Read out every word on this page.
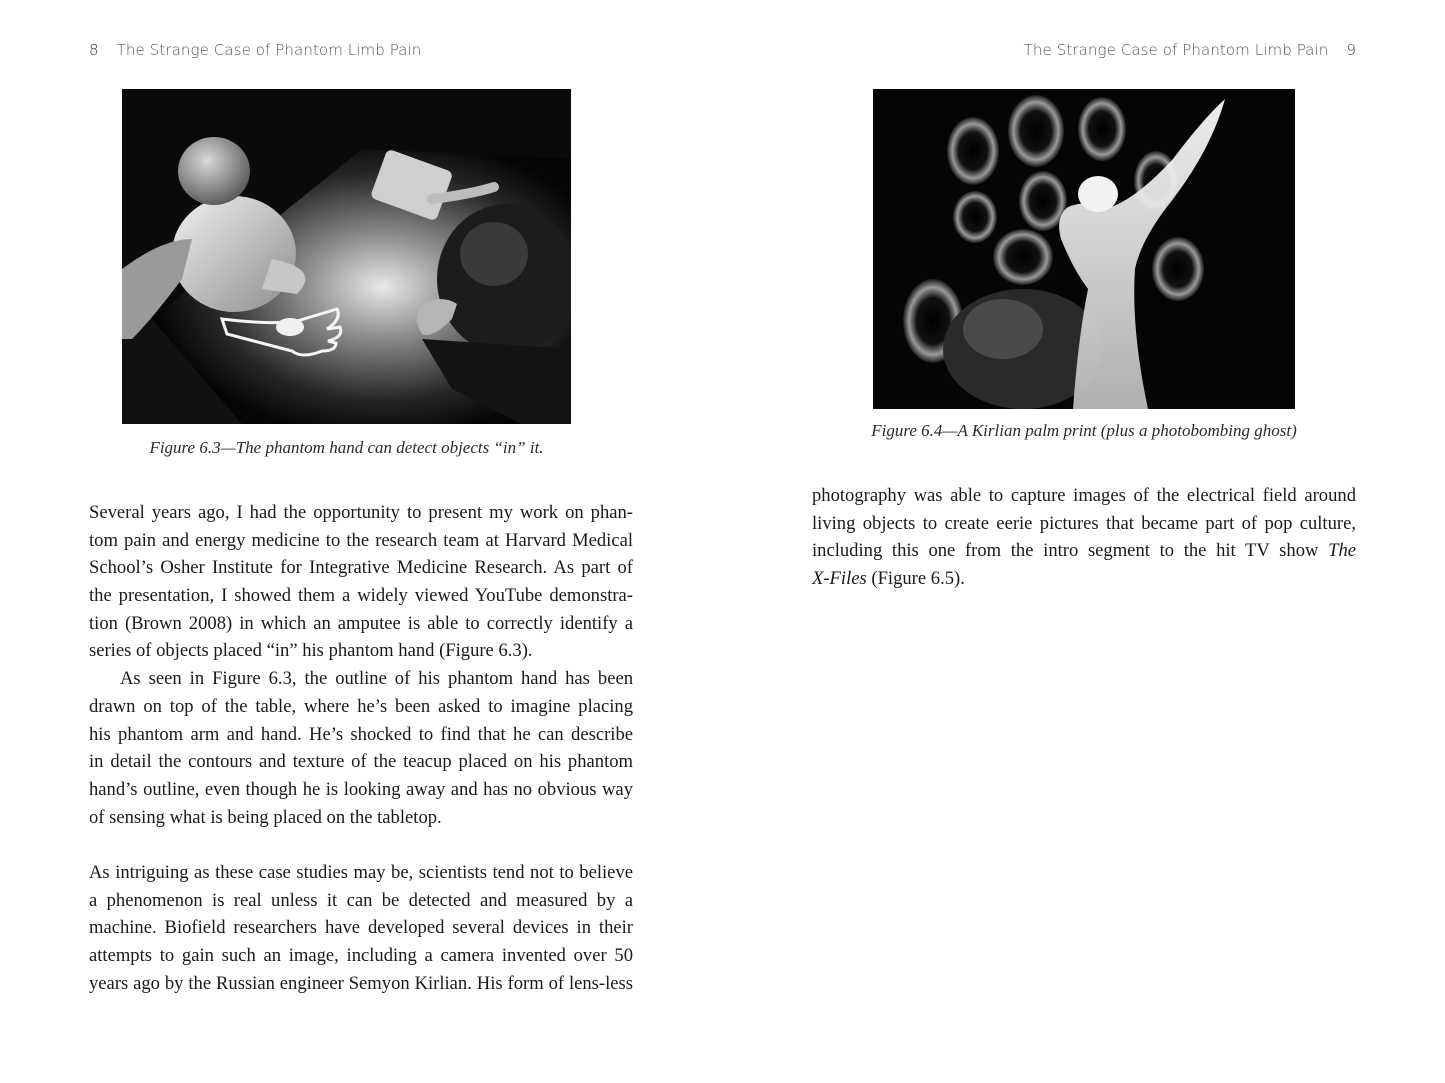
8 The Strange Case of Phantom Limb Pain
Figure 6.3—The phantom hand can detect objects “in” it.
Several years ago, I had the opportunity to present my work on phan-
tom pain and energy medicine to the research team at Harvard Medical
School’s Osher Institute for Integrative Medicine Research. As part of
the presentation, I showed them a widely viewed YouTube demonstra-
tion (Brown 2008) in which an amputee is able to correctly identify a
series of objects placed “in” his phantom hand (Figure 6.3).
As seen in Figure 6.3, the outline of his phantom hand has been
drawn on top of the table, where he’s been asked to imagine placing
his phantom arm and hand. He’s shocked to find that he can describe
in detail the contours and texture of the teacup placed on his phantom
hand’s outline, even though he is looking away and has no obvious way
of sensing what is being placed on the tabletop.
As intriguing as these case studies may be, scientists tend not to believe
a phenomenon is real unless it can be detected and measured by a
machine. Biofield researchers have developed several devices in their
attempts to gain such an image, including a camera invented over 50
years ago by the Russian engineer Semyon Kirlian. His form of lens-less
The Strange Case of Phantom Limb Pain 9
Figure 6.4—A Kirlian palm print (plus a photobombing ghost)
photography was able to capture images of the electrical field around
living objects to create eerie pictures that became part of pop culture,
including this one from the intro segment to the hit TV show The
X-Files (Figure 6.5).
